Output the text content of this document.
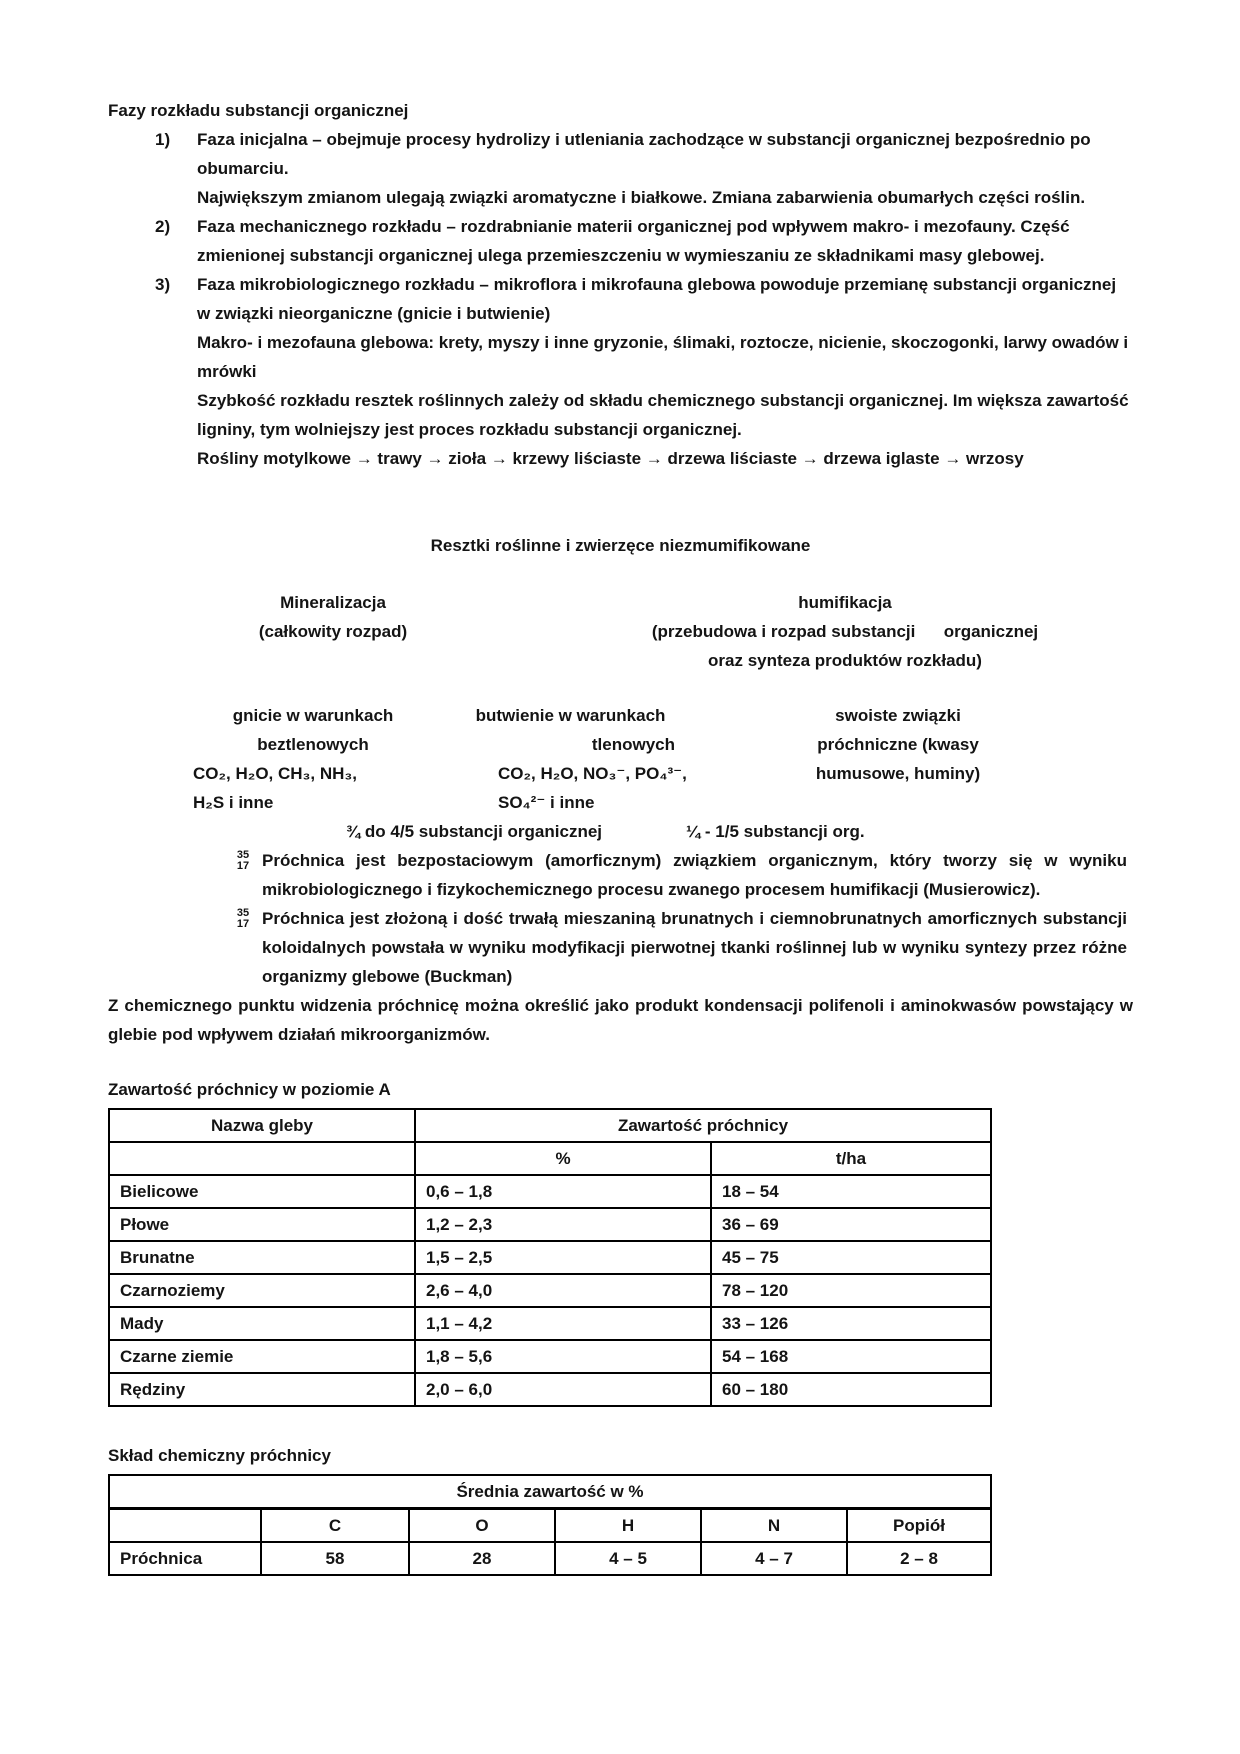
Fazy rozkładu substancji organicznej
1) Faza inicjalna – obejmuje procesy hydrolizy i utleniania zachodzące w substancji organicznej bezpośrednio po obumarciu.
Największym zmianom ulegają związki aromatyczne i białkowe. Zmiana zabarwienia obumarłych części roślin.
2) Faza mechanicznego rozkładu – rozdrabnianie materii organicznej pod wpływem makro- i mezofauny. Część zmienionej substancji organicznej ulega przemieszczeniu w wymieszaniu ze składnikami masy glebowej.
3) Faza mikrobiologicznego rozkładu – mikroflora i mikrofauna glebowa powoduje przemianę substancji organicznej w związki nieorganiczne (gnicie i butwienie)
Makro- i mezofauna glebowa: krety, myszy i inne gryzonie, ślimaki, roztocze, nicienie, skoczogonki, larwy owadów i mrówki
Szybkość rozkładu resztek roślinnych zależy od składu chemicznego substancji organicznej. Im większa zawartość ligniny, tym wolniejszy jest proces rozkładu substancji organicznej.
Rośliny motylkowe → trawy → zioła → krzewy liściaste → drzewa liściaste → drzewa iglaste → wrzosy
Resztki roślinne i zwierzęce niezmumifikowane
Mineralizacja
(całkowity rozpad)
humifikacja
(przebudowa i rozpad substancji      organicznej
oraz synteza produktów rozkładu)
gnicie w warunkach
beztlenowych
CO₂, H₂O, CH₃, NH₃,
H₂S i inne
butwienie w warunkach
tlenowych
CO₂, H₂O, NO₃⁻, PO₄³⁻,
SO₄²⁻ i inne
swoiste związki
próchniczne (kwasy
humusowe, huminy)
¾ do 4/5 substancji organicznej	¼ - 1/5 substancji org.
35
17 Próchnica jest bezpostaciowym (amorficznym) związkiem organicznym, który tworzy się w wyniku mikrobiologicznego i fizykochemicznego procesu zwanego procesem humifikacji (Musierowicz).
35
17 Próchnica jest złożoną i dość trwałą mieszaniną brunatnych i ciemnobrunatnych amorficznych substancji koloidalnych powstała w wyniku modyfikacji pierwotnej tkanki roślinnej lub w wyniku syntezy przez różne organizmy glebowe (Buckman)
Z chemicznego punktu widzenia próchnicę można określić jako produkt kondensacji polifenoli i aminokwasów powstający w glebie pod wpływem działań mikroorganizmów.
Zawartość próchnicy w poziomie A
Nazwa gleby	Zawartość próchnicy	
	%	t/ha
Bielicowe	0,6 – 1,8	18 – 54
Płowe	1,2 – 2,3	36 – 69
Brunatne	1,5 – 2,5	45 – 75
Czarnoziemy	2,6 – 4,0	78 – 120
Mady	1,1 – 4,2	33 – 126
Czarne ziemie	1,8 – 5,6	54 – 168
Rędziny	2,0 – 6,0	60 – 180
Skład chemiczny próchnicy
Średnia zawartość w %					
	C	O	H	N	Popiół
Próchnica	58	28	4 – 5	4 – 7	2 – 8
